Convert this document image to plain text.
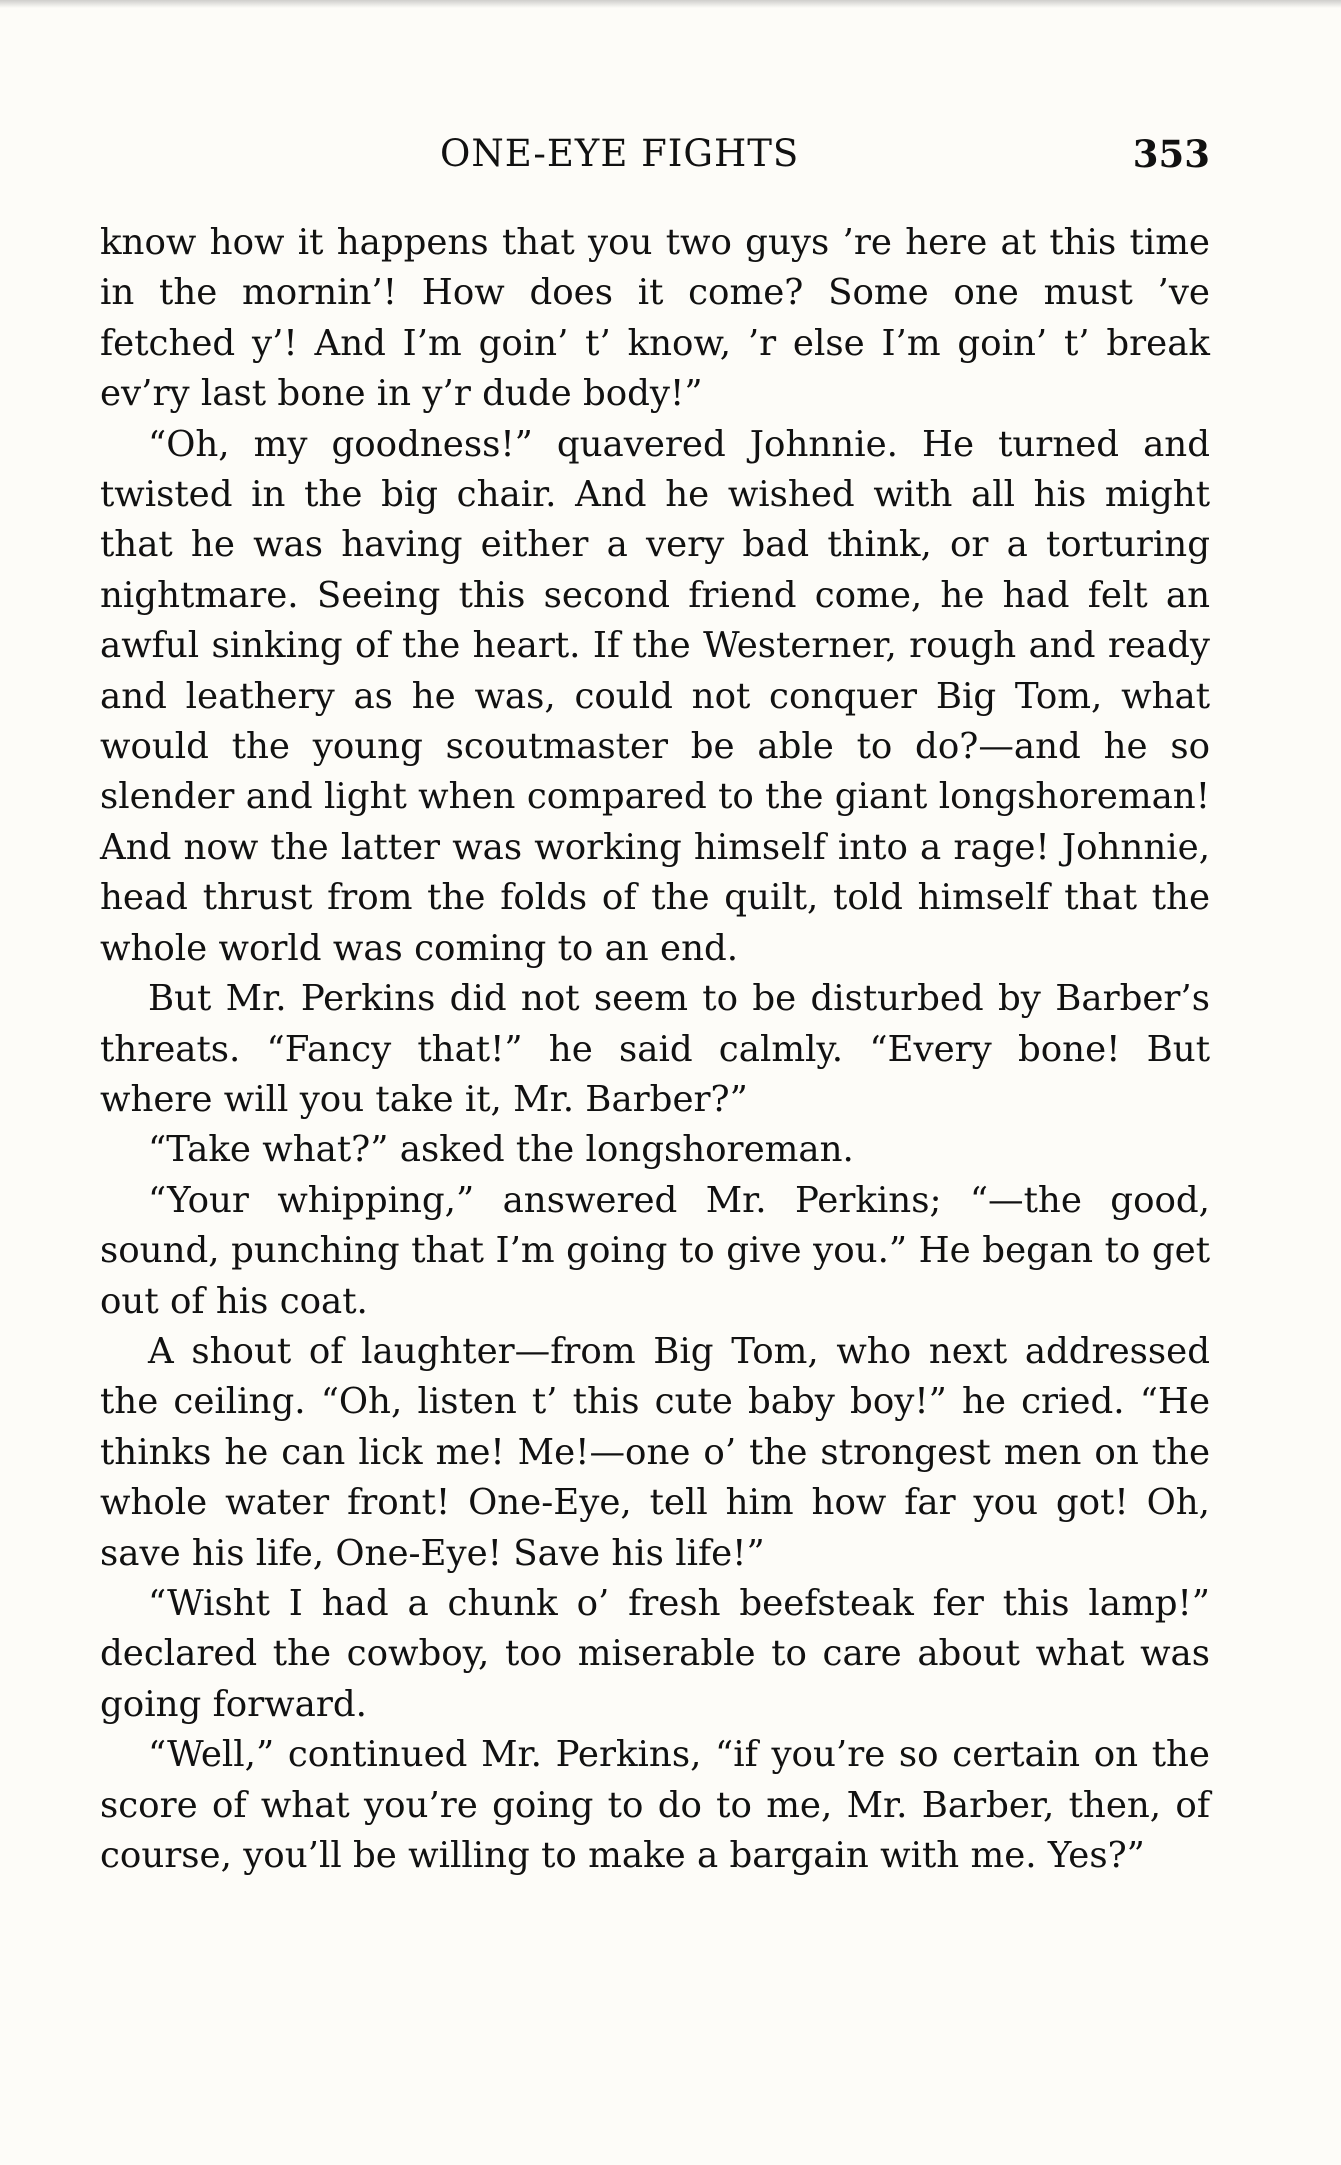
ONE-EYE FIGHTS	353

know how it happens that you two guys ’re here at this time in the mornin’! How does it come? Some one must ’ve fetched y’! And I’m goin’ t’ know, ’r else I’m goin’ t’ break ev’ry last bone in y’r dude body!”

“Oh, my goodness!” quavered Johnnie. He turned and twisted in the big chair. And he wished with all his might that he was having either a very bad think, or a torturing nightmare. Seeing this second friend come, he had felt an awful sinking of the heart. If the Westerner, rough and ready and leathery as he was, could not conquer Big Tom, what would the young scoutmaster be able to do?—and he so slender and light when compared to the giant longshoreman! And now the latter was working himself into a rage! Johnnie, head thrust from the folds of the quilt, told himself that the whole world was coming to an end.

But Mr. Perkins did not seem to be disturbed by Barber’s threats. “Fancy that!” he said calmly. “Every bone! But where will you take it, Mr. Barber?”

“Take what?” asked the longshoreman.

“Your whipping,” answered Mr. Perkins; “—the good, sound, punching that I’m going to give you.” He began to get out of his coat.

A shout of laughter—from Big Tom, who next addressed the ceiling. “Oh, listen t’ this cute baby boy!” he cried. “He thinks he can lick me! Me!—one o’ the strongest men on the whole water front! One-Eye, tell him how far you got! Oh, save his life, One-Eye! Save his life!”

“Wisht I had a chunk o’ fresh beefsteak fer this lamp!” declared the cowboy, too miserable to care about what was going forward.

“Well,” continued Mr. Perkins, “if you’re so certain on the score of what you’re going to do to me, Mr. Barber, then, of course, you’ll be willing to make a bargain with me. Yes?”
